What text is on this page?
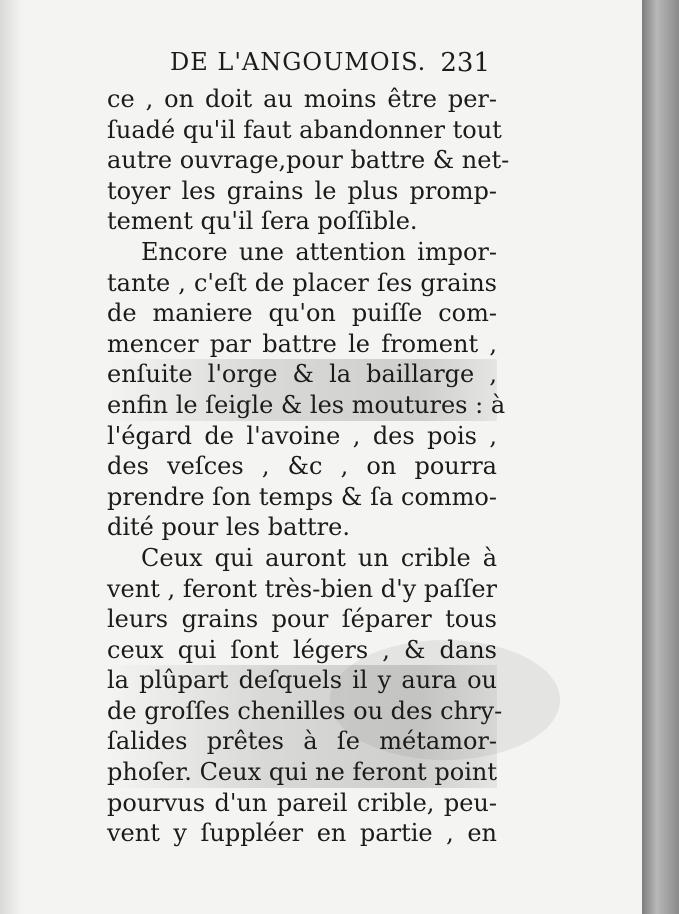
DE L'ANGOUMOIS. 231
ce , on doit au moins être per-
ſuadé qu'il faut abandonner tout
autre ouvrage,pour battre & net-
toyer les grains le plus promp-
tement qu'il ſera poſſible.
Encore une attention impor-
tante , c'eſt de placer ſes grains
de maniere qu'on puiſſe com-
mencer par battre le froment ,
enſuite l'orge & la baillarge ,
enfin le ſeigle & les moutures : à
l'égard de l'avoine , des pois ,
des veſces , &c , on pourra
prendre ſon temps & ſa commo-
dité pour les battre.
Ceux qui auront un crible à
vent , feront très-bien d'y paſſer
leurs grains pour ſéparer tous
ceux qui ſont légers , & dans
la plûpart deſquels il y aura ou
de groſſes chenilles ou des chry-
ſalides prêtes à ſe métamor-
phoſer. Ceux qui ne feront point
pourvus d'un pareil crible, peu-
vent y ſuppléer en partie , en
